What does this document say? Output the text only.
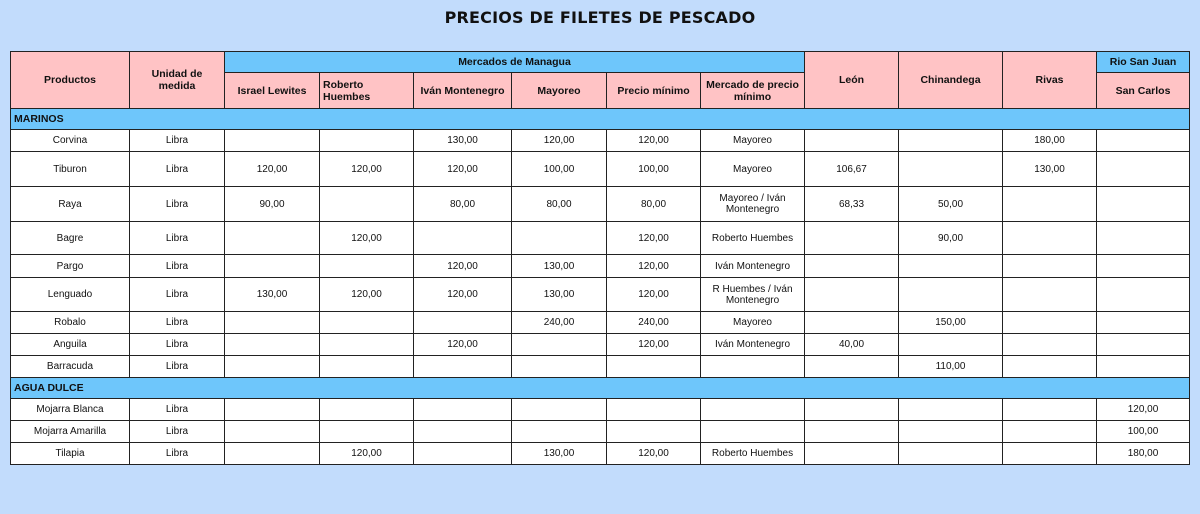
PRECIOS DE FILETES DE PESCADO
Productos	Unidad de medida	Mercados de Managua						León	Chinandega	Rivas	Rio San Juan
		Israel Lewites	Roberto Huembes	Iván Montenegro	Mayoreo	Precio mínimo	Mercado de precio mínimo				San Carlos
MARINOS											
Corvina	Libra			130,00	120,00	120,00	Mayoreo			180,00	
Tiburon	Libra	120,00	120,00	120,00	100,00	100,00	Mayoreo	106,67		130,00	
Raya	Libra	90,00		80,00	80,00	80,00	Mayoreo / Iván Montenegro	68,33	50,00		
Bagre	Libra		120,00			120,00	Roberto Huembes		90,00		
Pargo	Libra			120,00	130,00	120,00	Iván Montenegro				
Lenguado	Libra	130,00	120,00	120,00	130,00	120,00	R Huembes / Iván Montenegro				
Robalo	Libra				240,00	240,00	Mayoreo		150,00		
Anguila	Libra			120,00		120,00	Iván Montenegro	40,00			
Barracuda	Libra								110,00		
AGUA DULCE											
Mojarra Blanca	Libra										120,00
Mojarra Amarilla	Libra										100,00
Tilapia	Libra		120,00		130,00	120,00	Roberto Huembes				180,00
